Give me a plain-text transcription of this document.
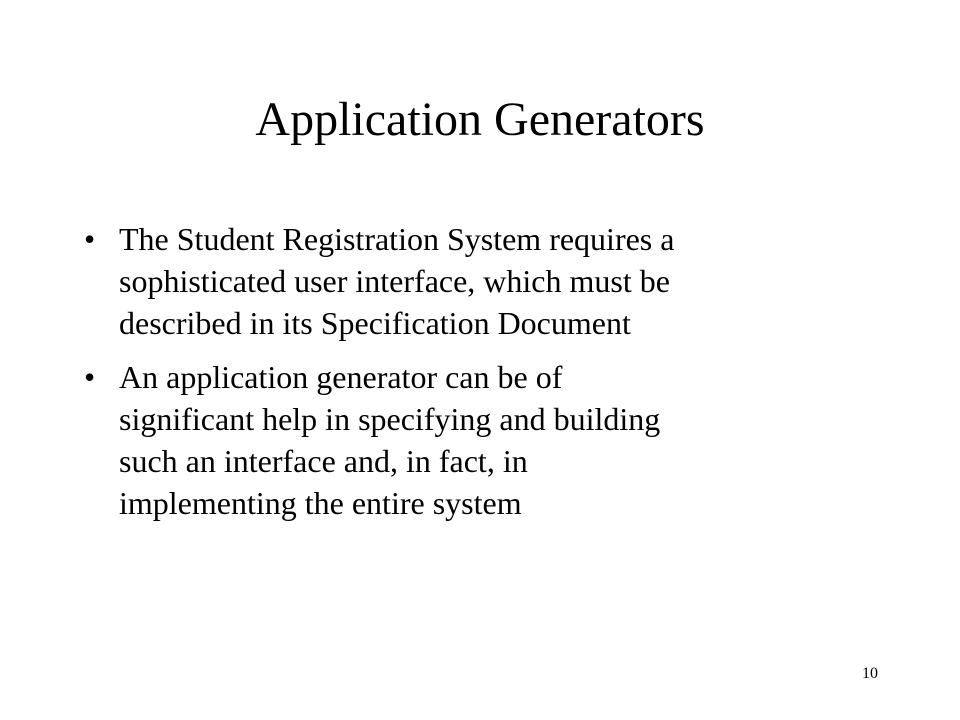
Application Generators
• The Student Registration System requires a
sophisticated user interface, which must be
described in its Specification Document
• An application generator can be of
significant help in specifying and building
such an interface and, in fact, in
implementing the entire system
10
